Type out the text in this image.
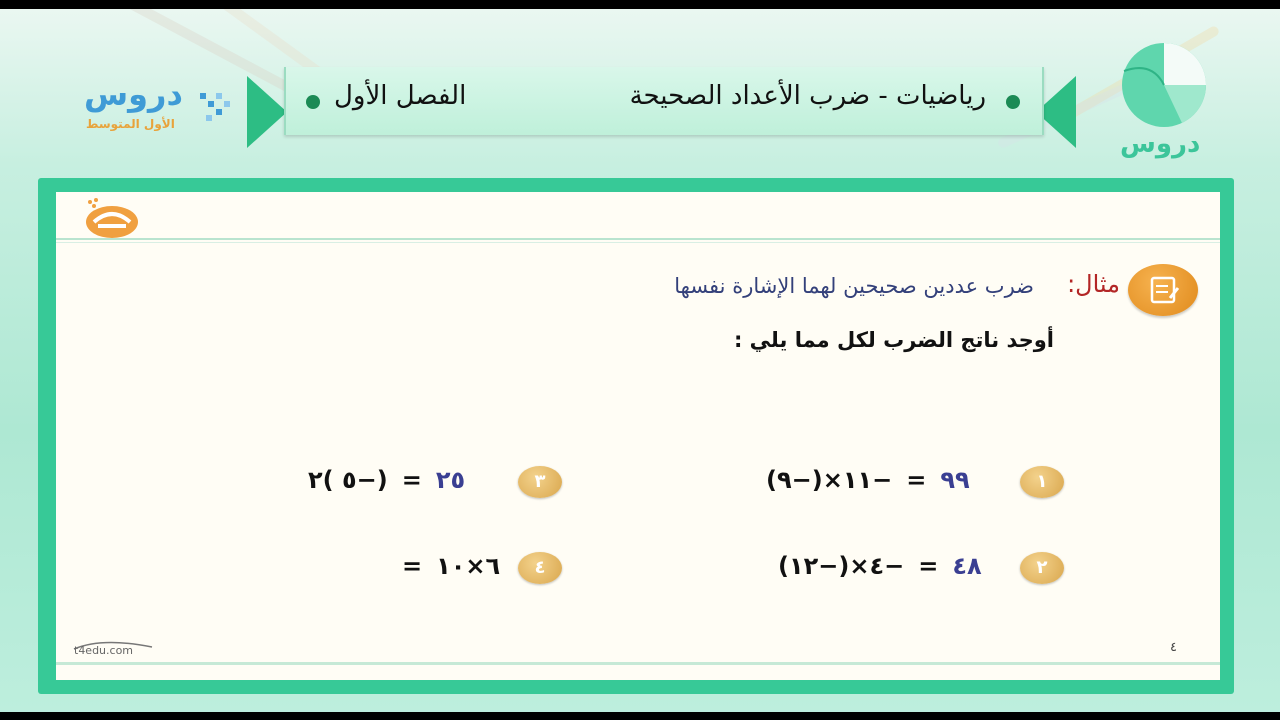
دروس
الأول المتوسط
دروس
الفصل الأول	رياضيات - ضرب الأعداد الصحيحة
مثال:
ضرب عددين صحيحين لهما الإشارة نفسها
أوجد ناتج الضرب لكل مما يلي :
١
٩٩=−١١×(−٩)
٢
٤٨=−٤×(−١٢)
٣
٢٥=(−٥ )٢
٤
= ٦×١٠
t4edu.com	٤
